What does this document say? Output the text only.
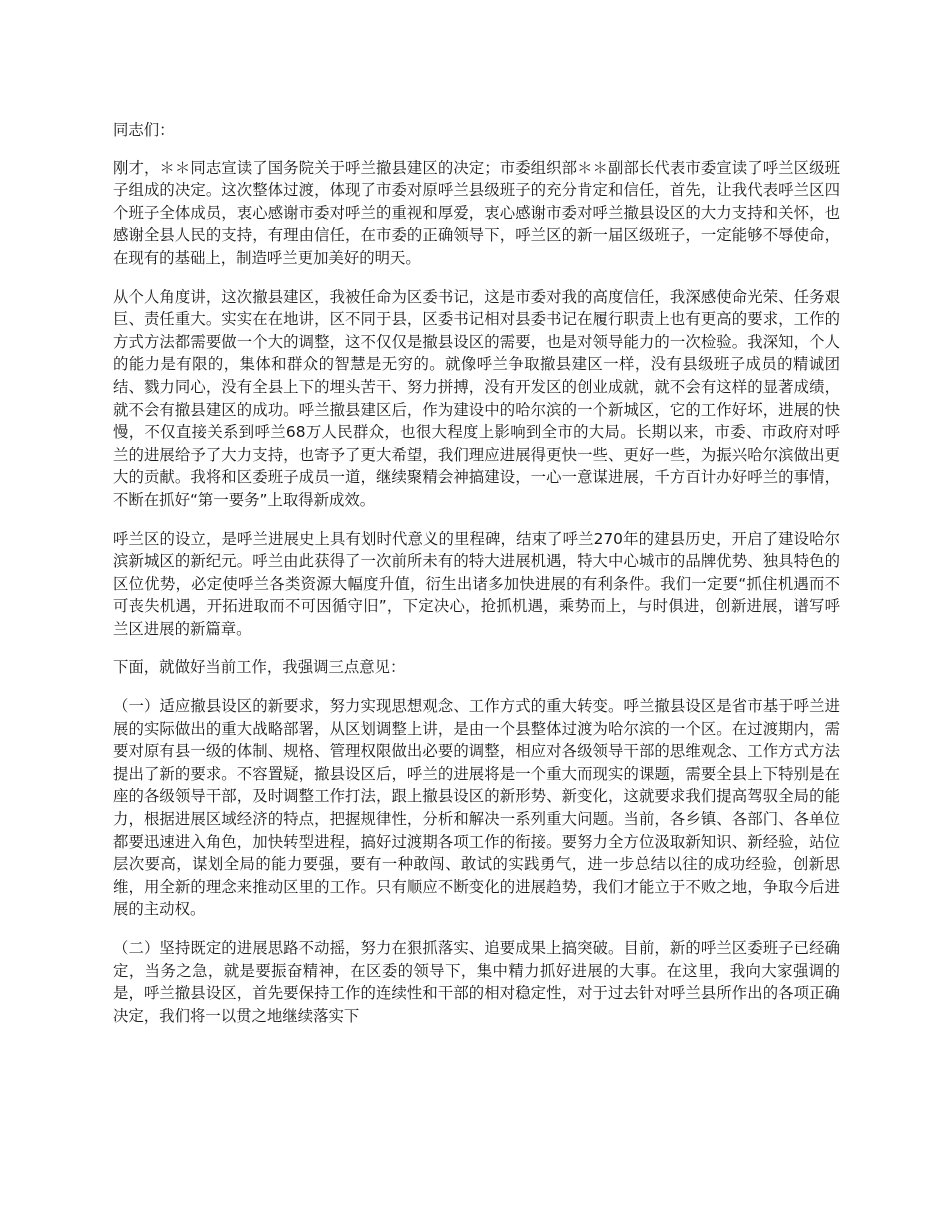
同志们：

刚才，＊＊同志宣读了国务院关于呼兰撤县建区的决定；市委组织部＊＊副部长代表市委宣读了呼兰区级班子组成的决定。这次整体过渡，体现了市委对原呼兰县级班子的充分肯定和信任，首先，让我代表呼兰区四个班子全体成员，衷心感谢市委对呼兰的重视和厚爱，衷心感谢市委对呼兰撤县设区的大力支持和关怀，也感谢全县人民的支持，有理由信任，在市委的正确领导下，呼兰区的新一届区级班子，一定能够不辱使命，在现有的基础上，制造呼兰更加美好的明天。

从个人角度讲，这次撤县建区，我被任命为区委书记，这是市委对我的高度信任，我深感使命光荣、任务艰巨、责任重大。实实在在地讲，区不同于县，区委书记相对县委书记在履行职责上也有更高的要求，工作的方式方法都需要做一个大的调整，这不仅仅是撤县设区的需要，也是对领导能力的一次检验。我深知，个人的能力是有限的，集体和群众的智慧是无穷的。就像呼兰争取撤县建区一样，没有县级班子成员的精诚团结、戮力同心，没有全县上下的埋头苦干、努力拼搏，没有开发区的创业成就，就不会有这样的显著成绩，就不会有撤县建区的成功。呼兰撤县建区后，作为建设中的哈尔滨的一个新城区，它的工作好坏，进展的快慢，不仅直接关系到呼兰68万人民群众，也很大程度上影响到全市的大局。长期以来，市委、市政府对呼兰的进展给予了大力支持，也寄予了更大希望，我们理应进展得更快一些、更好一些，为振兴哈尔滨做出更大的贡献。我将和区委班子成员一道，继续聚精会神搞建设，一心一意谋进展，千方百计办好呼兰的事情，不断在抓好“第一要务”上取得新成效。

呼兰区的设立，是呼兰进展史上具有划时代意义的里程碑，结束了呼兰270年的建县历史，开启了建设哈尔滨新城区的新纪元。呼兰由此获得了一次前所未有的特大进展机遇，特大中心城市的品牌优势、独具特色的区位优势，必定使呼兰各类资源大幅度升值，衍生出诸多加快进展的有利条件。我们一定要“抓住机遇而不可丧失机遇，开拓进取而不可因循守旧”，下定决心，抢抓机遇，乘势而上，与时俱进，创新进展，谱写呼兰区进展的新篇章。

下面，就做好当前工作，我强调三点意见：

（一）适应撤县设区的新要求，努力实现思想观念、工作方式的重大转变。呼兰撤县设区是省市基于呼兰进展的实际做出的重大战略部署，从区划调整上讲，是由一个县整体过渡为哈尔滨的一个区。在过渡期内，需要对原有县一级的体制、规格、管理权限做出必要的调整，相应对各级领导干部的思维观念、工作方式方法提出了新的要求。不容置疑，撤县设区后，呼兰的进展将是一个重大而现实的课题，需要全县上下特别是在座的各级领导干部，及时调整工作打法，跟上撤县设区的新形势、新变化，这就要求我们提高驾驭全局的能力，根据进展区域经济的特点，把握规律性，分析和解决一系列重大问题。当前，各乡镇、各部门、各单位都要迅速进入角色，加快转型进程，搞好过渡期各项工作的衔接。要努力全方位汲取新知识、新经验，站位层次要高，谋划全局的能力要强，要有一种敢闯、敢试的实践勇气，进一步总结以往的成功经验，创新思维，用全新的理念来推动区里的工作。只有顺应不断变化的进展趋势，我们才能立于不败之地，争取今后进展的主动权。

（二）坚持既定的进展思路不动摇，努力在狠抓落实、追要成果上搞突破。目前，新的呼兰区委班子已经确定，当务之急，就是要振奋精神，在区委的领导下，集中精力抓好进展的大事。在这里，我向大家强调的是，呼兰撤县设区，首先要保持工作的连续性和干部的相对稳定性，对于过去针对呼兰县所作出的各项正确决定，我们将一以贯之地继续落实下
